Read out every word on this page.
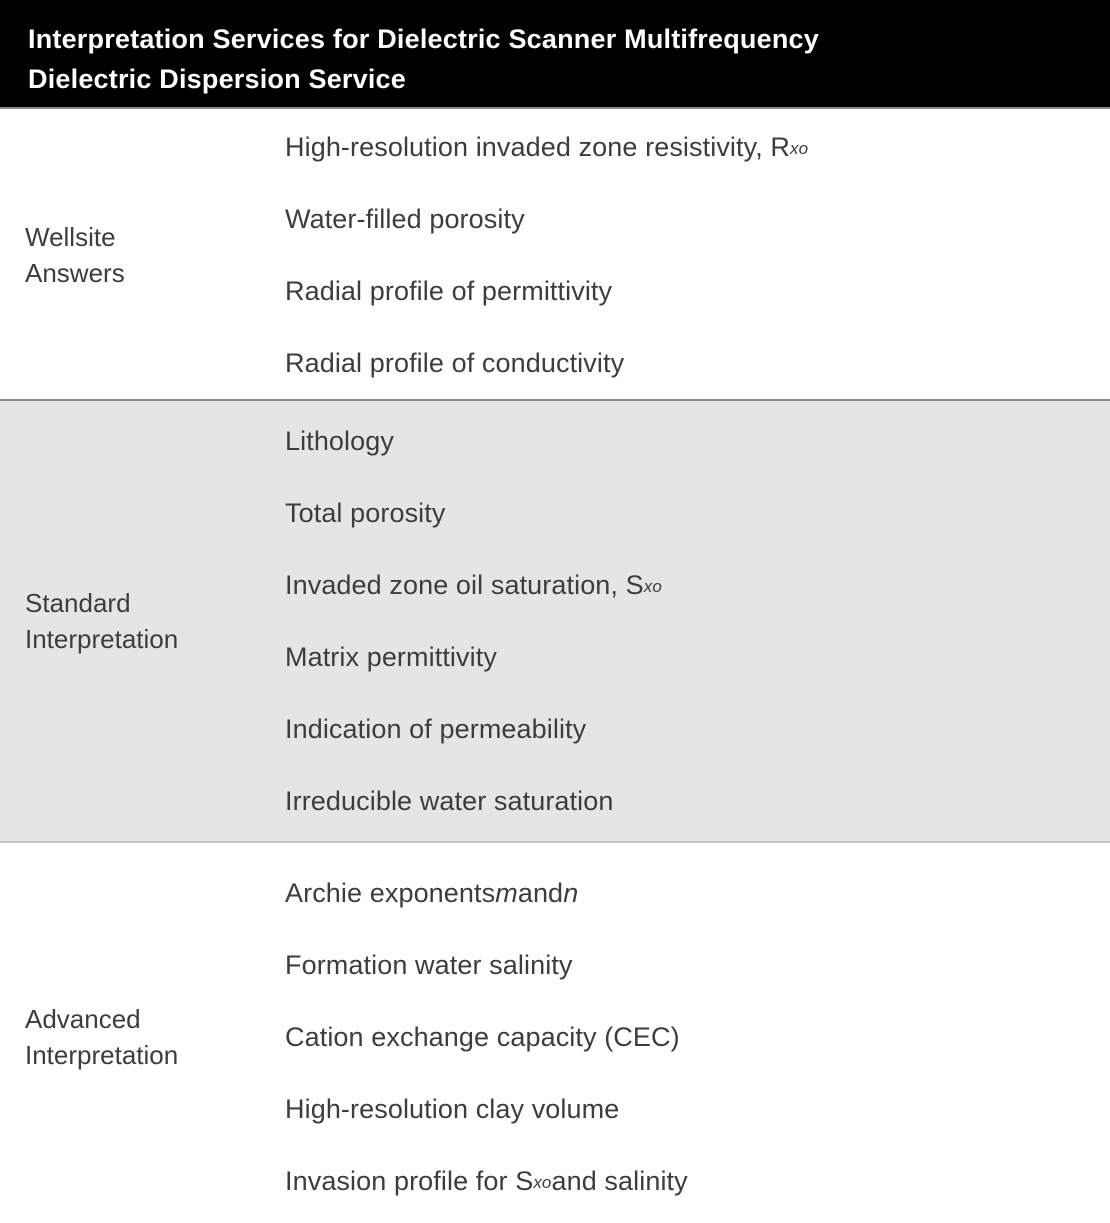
Interpretation Services for Dielectric Scanner Multifrequency
Dielectric Dispersion Service
Wellsite Answers
High-resolution invaded zone resistivity, $R_{xo}$
Water-filled porosity
Radial profile of permittivity
Radial profile of conductivity
Standard Interpretation
Lithology
Total porosity
Invaded zone oil saturation, $S_{xo}$
Matrix permittivity
Indication of permeability
Irreducible water saturation
Advanced Interpretation
Archie exponents m and n
Formation water salinity
Cation exchange capacity (CEC)
High-resolution clay volume
Invasion profile for $S_{xo}$ and salinity
